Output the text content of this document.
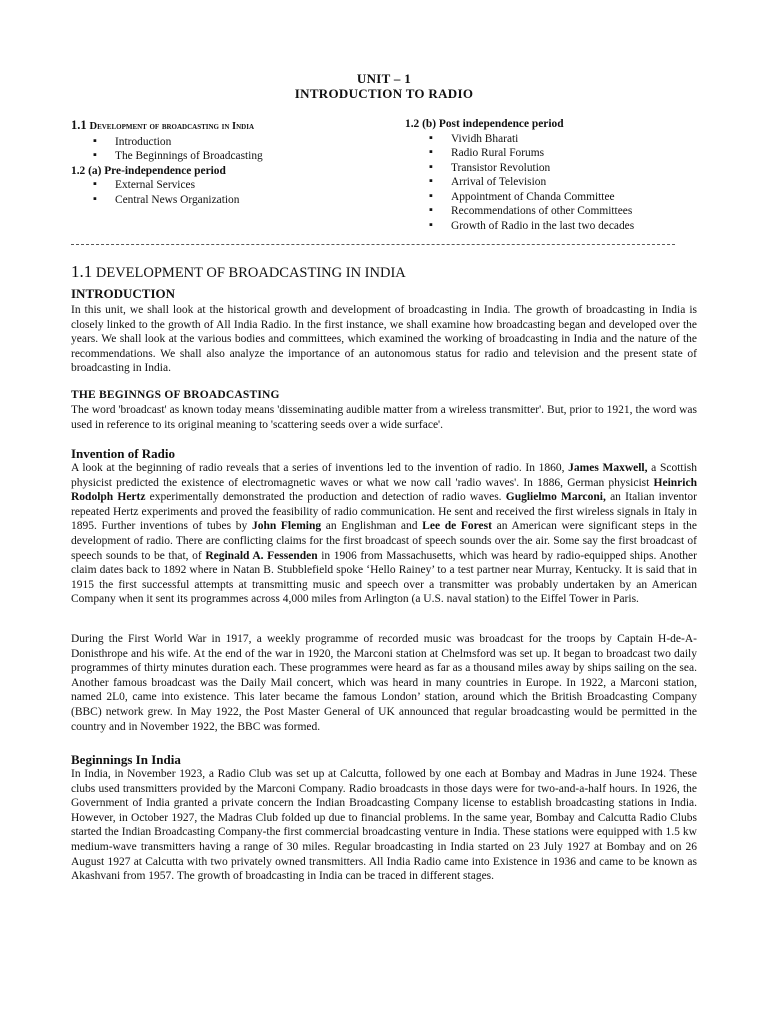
UNIT – 1
INTRODUCTION TO RADIO
1.1 Development of broadcasting in India
▪ Introduction
▪ The Beginnings of Broadcasting
1.2 (a) Pre-independence period
▪ External Services
▪ Central News Organization
1.2 (b) Post independence period
▪ Vividh Bharati
▪ Radio Rural Forums
▪ Transistor Revolution
▪ Arrival of Television
▪ Appointment of Chanda Committee
▪ Recommendations of other Committees
▪ Growth of Radio in the last two decades
1.1 DEVELOPMENT OF BROADCASTING IN INDIA
INTRODUCTION

In this unit, we shall look at the historical growth and development of broadcasting in India. The growth of broadcasting in India is closely linked to the growth of All India Radio. In the first instance, we shall examine how broadcasting began and developed over the years. We shall look at the various bodies and committees, which examined the working of broadcasting in India and the nature of the recommendations. We shall also analyze the importance of an autonomous status for radio and television and the present state of broadcasting in India.

THE BEGINNGS OF BROADCASTING

The word 'broadcast' as known today means 'disseminating audible matter from a wireless transmitter'. But, prior to 1921, the word was used in reference to its original meaning to 'scattering seeds over a wide surface'.

Invention of Radio

A look at the beginning of radio reveals that a series of inventions led to the invention of radio. In 1860, James Maxwell, a Scottish physicist predicted the existence of electromagnetic waves or what we now call 'radio waves'. In 1886, German physicist Heinrich Rodolph Hertz experimentally demonstrated the production and detection of radio waves. Guglielmo Marconi, an Italian inventor repeated Hertz experiments and proved the feasibility of radio communication. He sent and received the first wireless signals in Italy in 1895. Further inventions of tubes by John Fleming an Englishman and Lee de Forest an American were significant steps in the development of radio. There are conflicting claims for the first broadcast of speech sounds over the air. Some say the first broadcast of speech sounds to be that, of Reginald A. Fessenden in 1906 from Massachusetts, which was heard by radio-equipped ships. Another claim dates back to 1892 where in Natan B. Stubblefield spoke ‘Hello Rainey’ to a test partner near Murray, Kentucky. It is said that in 1915 the first successful attempts at transmitting music and speech over a transmitter was probably undertaken by an American Company when it sent its programmes across 4,000 miles from Arlington (a U.S. naval station) to the Eiffel Tower in Paris.

During the First World War in 1917, a weekly programme of recorded music was broadcast for the troops by Captain H-de-A-Donisthrope and his wife. At the end of the war in 1920, the Marconi station at Chelmsford was set up. It began to broadcast two daily programmes of thirty minutes duration each. These programmes were heard as far as a thousand miles away by ships sailing on the sea. Another famous broadcast was the Daily Mail concert, which was heard in many countries in Europe. In 1922, a Marconi station, named 2L0, came into existence. This later became the famous London’ station, around which the British Broadcasting Company (BBC) network grew. In May 1922, the Post Master General of UK announced that regular broadcasting would be permitted in the country and in November 1922, the BBC was formed.

Beginnings In India

In India, in November 1923, a Radio Club was set up at Calcutta, followed by one each at Bombay and Madras in June 1924. These clubs used transmitters provided by the Marconi Company. Radio broadcasts in those days were for two-and-a-half hours. In 1926, the Government of India granted a private concern the Indian Broadcasting Company license to establish broadcasting stations in India. However, in October 1927, the Madras Club folded up due to financial problems. In the same year, Bombay and Calcutta Radio Clubs started the Indian Broadcasting Company-the first commercial broadcasting venture in India. These stations were equipped with 1.5 kw medium-wave transmitters having a range of 30 miles. Regular broadcasting in India started on 23 July 1927 at Bombay and on 26 August 1927 at Calcutta with two privately owned transmitters. All India Radio came into Existence in 1936 and came to be known as Akashvani from 1957. The growth of broadcasting in India can be traced in different stages.
